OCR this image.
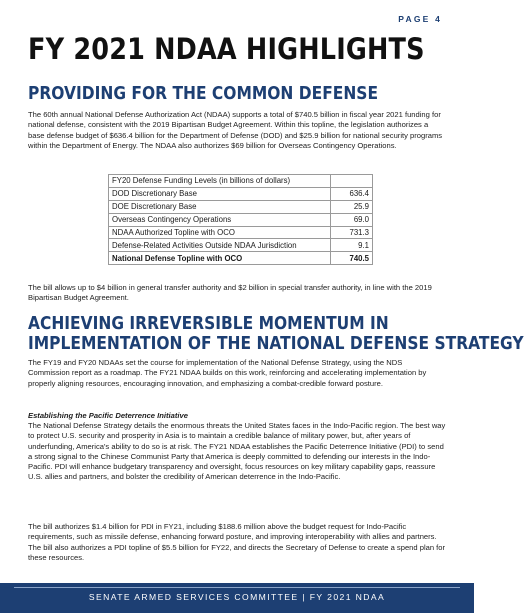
PAGE 4
FY 2021 NDAA HIGHLIGHTS
PROVIDING FOR THE COMMON DEFENSE

The 60th annual National Defense Authorization Act (NDAA) supports a total of $740.5 billion in fiscal year 2021 funding for national defense, consistent with the 2019 Bipartisan Budget Agreement. Within this topline, the legislation authorizes a base defense budget of $636.4 billion for the Department of Defense (DOD) and $25.9 billion for national security programs within the Department of Energy. The NDAA also authorizes $69 billion for Overseas Contingency Operations.

FY20 Defense Funding Levels (in billions of dollars)	
DOD Discretionary Base	636.4
DOE Discretionary Base	25.9
Overseas Contingency Operations	69.0
NDAA Authorized Topline with OCO	731.3
Defense-Related Activities Outside NDAA Jurisdiction	9.1
National Defense Topline with OCO	740.5

The bill allows up to $4 billion in general transfer authority and $2 billion in special transfer authority, in line with the 2019 Bipartisan Budget Agreement.

ACHIEVING IRREVERSIBLE MOMENTUM IN
IMPLEMENTATION OF THE NATIONAL DEFENSE STRATEGY

The FY19 and FY20 NDAAs set the course for implementation of the National Defense Strategy, using the NDS Commission report as a roadmap. The FY21 NDAA builds on this work, reinforcing and accelerating implementation by properly aligning resources, encouraging innovation, and emphasizing a combat-credible forward posture.

Establishing the Pacific Deterrence Initiative

The National Defense Strategy details the enormous threats the United States faces in the Indo-Pacific region. The best way to protect U.S. security and prosperity in Asia is to maintain a credible balance of military power, but, after years of underfunding, America's ability to do so is at risk. The FY21 NDAA establishes the Pacific Deterrence Initiative (PDI) to send a strong signal to the Chinese Communist Party that America is deeply committed to defending our interests in the Indo-Pacific. PDI will enhance budgetary transparency and oversight, focus resources on key military capability gaps, reassure U.S. allies and partners, and bolster the credibility of American deterrence in the Indo-Pacific.

The bill authorizes $1.4 billion for PDI in FY21, including $188.6 million above the budget request for Indo-Pacific requirements, such as missile defense, enhancing forward posture, and improving interoperability with allies and partners. The bill also authorizes a PDI topline of $5.5 billion for FY22, and directs the Secretary of Defense to create a spend plan for these resources.

SENATE ARMED SERVICES COMMITTEE | FY 2021 NDAA
